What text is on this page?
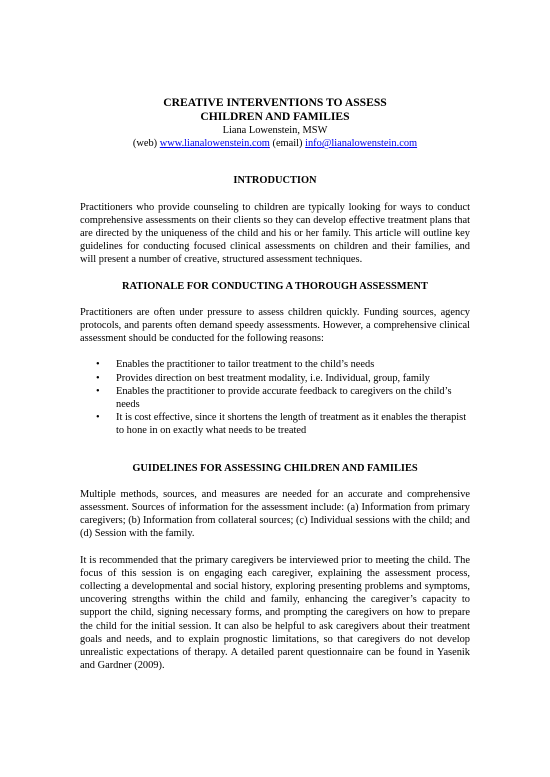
CREATIVE INTERVENTIONS TO ASSESS
CHILDREN AND FAMILIES
Liana Lowenstein, MSW
(web) www.lianalowenstein.com (email) info@lianalowenstein.com
INTRODUCTION
Practitioners who provide counseling to children are typically looking for ways to conduct comprehensive assessments on their clients so they can develop effective treatment plans that are directed by the uniqueness of the child and his or her family. This article will outline key guidelines for conducting focused clinical assessments on children and their families, and will present a number of creative, structured assessment techniques.
RATIONALE FOR CONDUCTING A THOROUGH ASSESSMENT
Practitioners are often under pressure to assess children quickly. Funding sources, agency protocols, and parents often demand speedy assessments. However, a comprehensive clinical assessment should be conducted for the following reasons:
• Enables the practitioner to tailor treatment to the child’s needs
• Provides direction on best treatment modality, i.e. Individual, group, family
• Enables the practitioner to provide accurate feedback to caregivers on the child’s needs
• It is cost effective, since it shortens the length of treatment as it enables the therapist to hone in on exactly what needs to be treated
GUIDELINES FOR ASSESSING CHILDREN AND FAMILIES
Multiple methods, sources, and measures are needed for an accurate and comprehensive assessment. Sources of information for the assessment include: (a) Information from primary caregivers; (b) Information from collateral sources; (c) Individual sessions with the child; and (d) Session with the family.
It is recommended that the primary caregivers be interviewed prior to meeting the child. The focus of this session is on engaging each caregiver, explaining the assessment process, collecting a developmental and social history, exploring presenting problems and symptoms, uncovering strengths within the child and family, enhancing the caregiver’s capacity to support the child, signing necessary forms, and prompting the caregivers on how to prepare the child for the initial session. It can also be helpful to ask caregivers about their treatment goals and needs, and to explain prognostic limitations, so that caregivers do not develop unrealistic expectations of therapy. A detailed parent questionnaire can be found in Yasenik and Gardner (2009).
